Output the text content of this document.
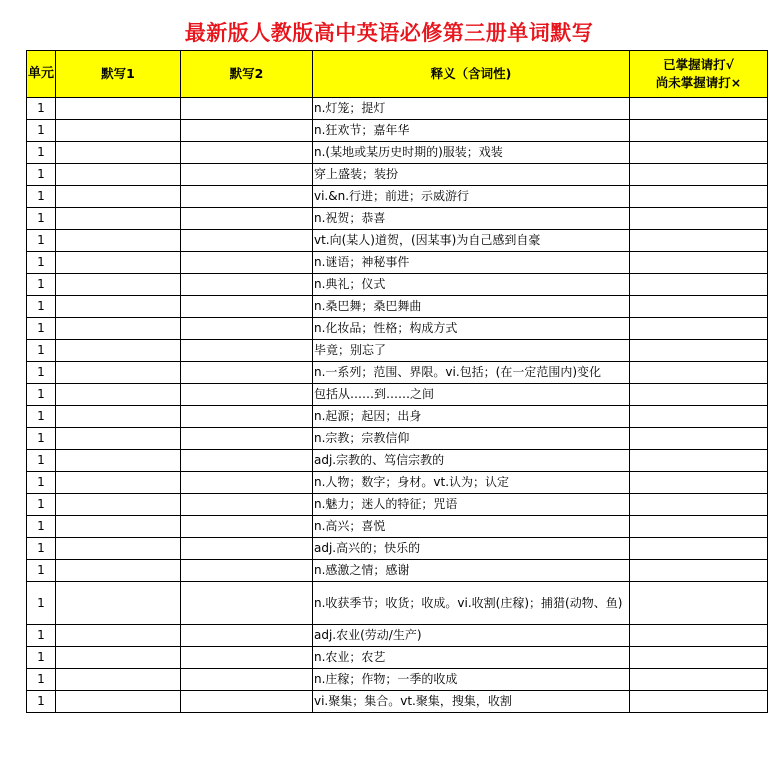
最新版人教版高中英语必修第三册单词默写
单元	默写1	默写2	释义（含词性)	已掌握请打√
尚未掌握请打×

1			n.灯笼；提灯	
1			n.狂欢节；嘉年华	
1			n.(某地或某历史时期的)服装；戏装	
1			穿上盛装；装扮	
1			vi.&n.行进；前进；示威游行	
1			n.祝贺；恭喜	
1			vt.向(某人)道贺，(因某事)为自己感到自豪	
1			n.谜语；神秘事件	
1			n.典礼；仪式	
1			n.桑巴舞；桑巴舞曲	
1			n.化妆品；性格；构成方式	
1			毕竟；别忘了	
1			n.一系列；范围、界限。vi.包括；(在一定范围内)变化	
1			包括从……到……之间	
1			n.起源；起因；出身	
1			n.宗教；宗教信仰	
1			adj.宗教的、笃信宗教的	
1			n.人物；数字；身材。vt.认为；认定	
1			n.魅力；迷人的特征；咒语	
1			n.高兴；喜悦	
1			adj.高兴的；快乐的	
1			n.感激之情；感谢	
1			n.收获季节；收货；收成。vi.收割(庄稼)；捕猎(动物、鱼)	
1			adj.农业(劳动/生产)	
1			n.农业；农艺	
1			n.庄稼；作物；一季的收成	
1			vi.聚集；集合。vt.聚集，搜集，收割	
